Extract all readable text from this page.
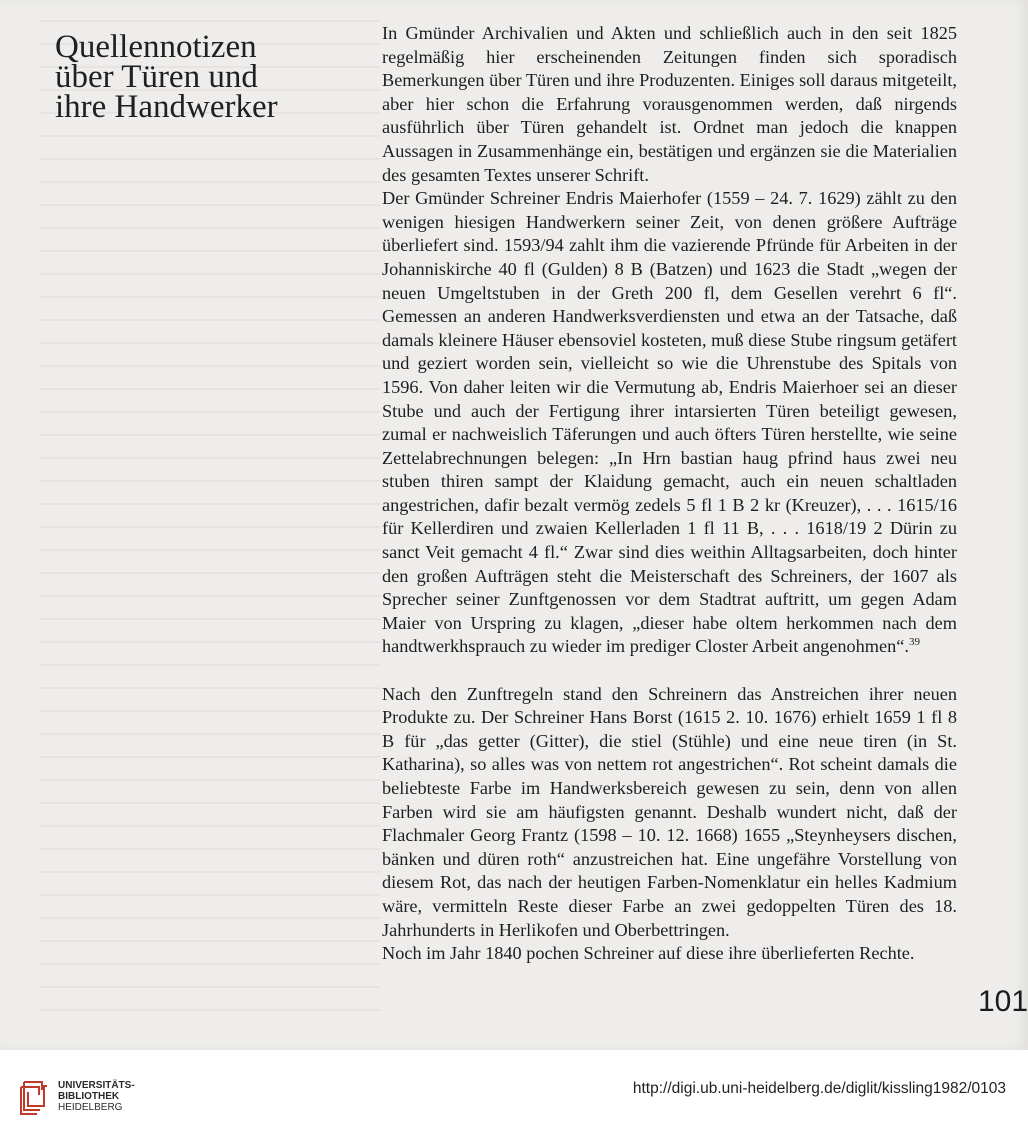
Quellennotizen
über Türen und
ihre Handwerker

In Gmünder Archivalien und Akten und schließlich auch in den seit 1825 regelmäßig hier erscheinenden Zeitungen finden sich sporadisch Bemerkungen über Türen und ihre Produzenten. Einiges soll daraus mitgeteilt, aber hier schon die Erfahrung vorausgenommen werden, daß nirgends ausführlich über Türen gehandelt ist. Ordnet man jedoch die knappen Aussagen in Zusammenhänge ein, bestätigen und ergänzen sie die Materialien des gesamten Textes unserer Schrift.

Der Gmünder Schreiner Endris Maierhofer (1559 – 24. 7. 1629) zählt zu den wenigen hiesigen Handwerkern seiner Zeit, von denen größere Aufträge überliefert sind. 1593/94 zahlt ihm die vazierende Pfründe für Arbeiten in der Johanniskirche 40 fl (Gulden) 8 B (Batzen) und 1623 die Stadt „wegen der neuen Umgeltstuben in der Greth 200 fl, dem Gesellen verehrt 6 fl“. Gemessen an anderen Handwerksverdiensten und etwa an der Tatsache, daß damals kleinere Häuser ebensoviel kosteten, muß diese Stube ringsum getäfert und geziert worden sein, vielleicht so wie die Uhrenstube des Spitals von 1596. Von daher leiten wir die Vermutung ab, Endris Maierhoer sei an dieser Stube und auch der Fertigung ihrer intarsierten Türen beteiligt gewesen, zumal er nachweislich Täferungen und auch öfters Türen herstellte, wie seine Zettelabrechnungen belegen: „In Hrn bastian haug pfrind haus zwei neu stuben thiren sampt der Klaidung gemacht, auch ein neuen schaltladen angestrichen, dafir bezalt vermög zedels 5 fl 1 B 2 kr (Kreuzer), . . . 1615/16 für Kellerdiren und zwaien Kellerladen 1 fl 11 B, . . . 1618/19 2 Dürin zu sanct Veit gemacht 4 fl.“ Zwar sind dies weithin Alltagsarbeiten, doch hinter den großen Aufträgen steht die Meisterschaft des Schreiners, der 1607 als Sprecher seiner Zunftgenossen vor dem Stadtrat auftritt, um gegen Adam Maier von Urspring zu klagen, „dieser habe oltem herkommen nach dem handtwerkhsprauch zu wieder im prediger Closter Arbeit angenohmen“.$^{39}$

Nach den Zunftregeln stand den Schreinern das Anstreichen ihrer neuen Produkte zu. Der Schreiner Hans Borst (1615 2. 10. 1676) erhielt 1659 1 fl 8 B für „das getter (Gitter), die stiel (Stühle) und eine neue tiren (in St. Katharina), so alles was von nettem rot angestrichen“. Rot scheint damals die beliebteste Farbe im Handwerksbereich gewesen zu sein, denn von allen Farben wird sie am häufigsten genannt. Deshalb wundert nicht, daß der Flachmaler Georg Frantz (1598 – 10. 12. 1668) 1655 „Steynheysers dischen, bänken und düren roth“ anzustreichen hat. Eine ungefähre Vorstellung von diesem Rot, das nach der heutigen Farben-Nomenklatur ein helles Kadmium wäre, vermitteln Reste dieser Farbe an zwei gedoppelten Türen des 18. Jahrhunderts in Herlikofen und Oberbettringen.

Noch im Jahr 1840 pochen Schreiner auf diese ihre überlieferten Rechte.

101
UNIVERSITÄTS-
BIBLIOTHEK
HEIDELBERG
http://digi.ub.uni-heidelberg.de/diglit/kissling1982/0103
